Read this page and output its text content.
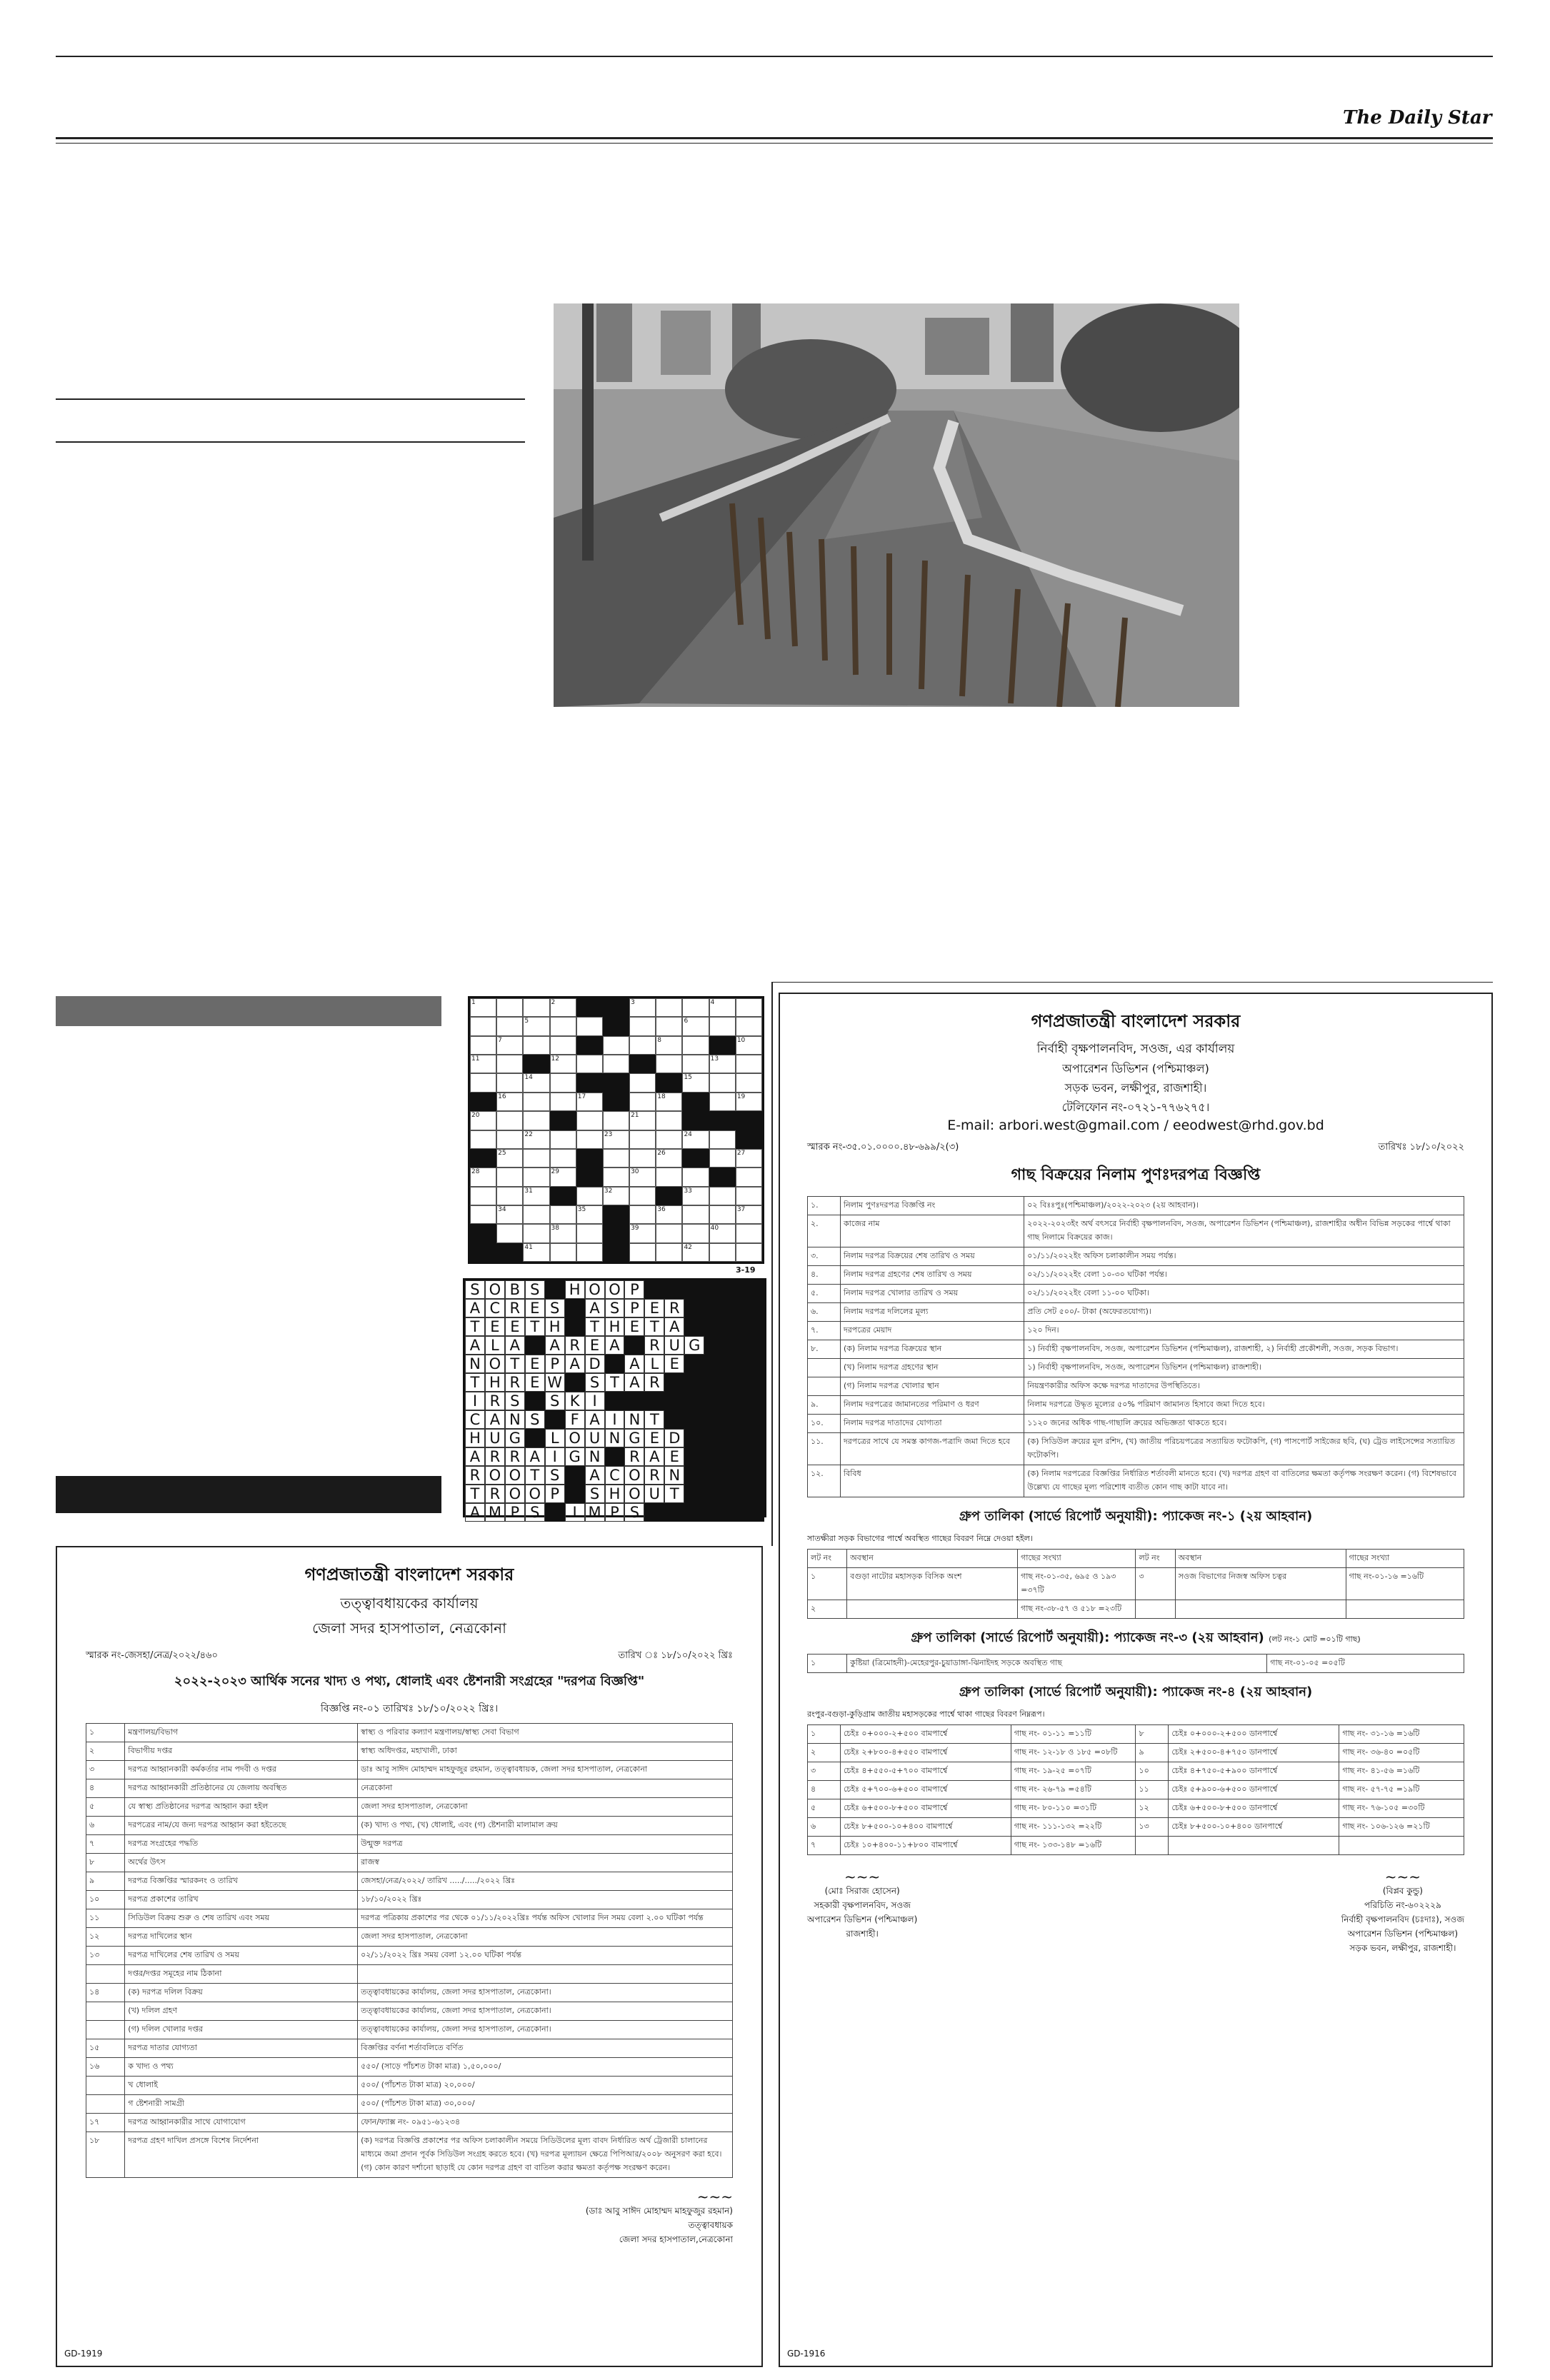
The Daily Star
1	2	3	4
5	6
7	8	10
11	12	13
14	15
16	17	18	19
20	21
22	23	24
25	26	27
28	29	30
31	32	33
34	35	36	37
38	39	40
41	42
3-19
S O B S	H O O P
A C R E S	A S P E R
T E E T H	T H E T A
A L A	A R E A	R U G
N O T E P A D	A L E
T H R E W	S T A R
I R S	S K I
C A N S	F A I N T
H U G	L O U N G E D
A R R A I G N	R A E
R O O T S	A C O R N
T R O O P	S H O U T
A M P S	I M P S
গণপ্রজাতন্ত্রী বাংলাদেশ সরকার
তত্ত্বাবধায়কের কার্যালয়
জেলা সদর হাসপাতাল, নেত্রকোনা
স্মারক নং-জেসহা/নেত্র/২০২২/৪৬০	তারিখ ঃ ১৮/১০/২০২২ খ্রিঃ
২০২২-২০২৩ আর্থিক সনের খাদ্য ও পথ্য, ধোলাই এবং ষ্টেশনারী সংগ্রহের "দরপত্র বিজ্ঞপ্তি"
বিজ্ঞপ্তি নং-০১ তারিখঃ ১৮/১০/২০২২ খ্রিঃ।
১	মন্ত্রণালয়/বিভাগ	স্বাস্থ্য ও পরিবার কল্যাণ মন্ত্রণালয়/স্বাস্থ্য সেবা বিভাগ
২	বিভাগীয় দপ্তর	স্বাস্থ্য অধিদপ্তর, মহাখালী, ঢাকা
৩	দরপত্র আহ্বানকারী কর্মকর্তার নাম পদবী ও দপ্তর	ডাঃ আবু সাঈদ মোহাম্মদ মাহফুজুর রহমান, তত্ত্বাবধায়ক, জেলা সদর হাসপাতাল, নেত্রকোনা
৪	দরপত্র আহ্বানকারী প্রতিষ্ঠানের যে জেলায় অবস্থিত	নেত্রকোনা
৫	যে স্বাস্থ্য প্রতিষ্ঠানের দরপত্র আহ্বান করা হইল	জেলা সদর হাসপাতাল, নেত্রকোনা
৬	দরপত্রের নাম/যে জন্য দরপত্র আহ্বান করা হইতেছে	(ক) খাদ্য ও পথ্য, (খ) ধোলাই, এবং (গ) ষ্টেশনারী মালামাল ক্রয়
৭	দরপত্র সংগ্রহের পদ্ধতি	উন্মুক্ত দরপত্র
৮	অর্থের উৎস	রাজস্ব
৯	দরপত্র বিজ্ঞপ্তির স্মারকনং ও তারিখ	জেসহা/নেত্র/২০২২/ তারিখ ...../...../২০২২ খ্রিঃ
১০	দরপত্র প্রকাশের তারিখ	১৮/১০/২০২২ খ্রিঃ
১১	সিডিউল বিক্রয় শুরু ও শেষ তারিখ এবং সময়	দরপত্র পত্রিকায় প্রকাশের পর থেকে ০১/১১/২০২২খ্রিঃ পর্যন্ত অফিস খোলার দিন সময় বেলা ২.০০ ঘটিকা পর্যন্ত
১২	দরপত্র দাখিলের স্থান	জেলা সদর হাসপাতাল, নেত্রকোনা
১৩	দরপত্র দাখিলের শেষ তারিখ ও সময়	০২/১১/২০২২ খ্রিঃ সময় বেলা ১২.০০ ঘটিকা পর্যন্ত
	দপ্তর/দপ্তর সমূহের নাম ঠিকানা	
১৪	(ক) দরপত্র দলিল বিক্রয়	তত্ত্বাবধায়কের কার্যালয়, জেলা সদর হাসপাতাল, নেত্রকোনা।
	(খ) দলিল গ্রহণ	তত্ত্বাবধায়কের কার্যালয়, জেলা সদর হাসপাতাল, নেত্রকোনা।
	(গ) দলিল খোলার দপ্তর	তত্ত্বাবধায়কের কার্যালয়, জেলা সদর হাসপাতাল, নেত্রকোনা।
১৫	দরপত্র দাতার যোগ্যতা	বিজ্ঞপ্তির বর্ণনা শর্তাবলিতে বর্ণিত
১৬	ক খাদ্য ও পথ্য	৫৫০/ (সাড়ে পাঁচশত টাকা মাত্র) ১,৫০,০০০/
	খ ধোলাই	৫০০/ (পাঁচশত টাকা মাত্র) ২০,০০০/
	গ ষ্টেশনারী সামগ্রী	৫০০/ (পাঁচশত টাকা মাত্র) ৩০,০০০/
১৭	দরপত্র আহ্বানকারীর সাথে যোগাযোগ	ফোন/ফ্যাক্স নং- ০৯৫১-৬১২৩৪
১৮	দরপত্র গ্রহণ দাখিল প্রসঙ্গে বিশেষ নির্দেশনা	(ক) দরপত্র বিজ্ঞপ্তি প্রকাশের পর অফিস চলাকালীন সময়ে সিডিউলের মূল্য বাবদ নির্ধারিত অর্থ ট্রেজারী চালানের মাধ্যমে জমা প্রদান পূর্বক সিডিউল সংগ্রহ করতে হবে। (খ) দরপত্র মূল্যায়ন ক্ষেত্রে পিপিআর/২০০৮ অনুসরণ করা হবে। (গ) কোন কারণ দর্শানো ছাড়াই যে কোন দরপত্র গ্রহণ বা বাতিল করার ক্ষমতা কর্তৃপক্ষ সংরক্ষণ করেন।
~~~
(ডাঃ আবু সাঈদ মোহাম্মদ মাহফুজুর রহমান)
তত্ত্বাবধায়ক
জেলা সদর হাসপাতাল,নেত্রকোনা
GD-1919
গণপ্রজাতন্ত্রী বাংলাদেশ সরকার
নির্বাহী বৃক্ষপালনবিদ, সওজ, এর কার্যালয়
অপারেশন ডিভিশন (পশ্চিমাঞ্চল)
সড়ক ভবন, লক্ষীপুর, রাজশাহী।
টেলিফোন নং-০৭২১-৭৭৬২৭৫।
E-mail: arbori.west@gmail.com / eeodwest@rhd.gov.bd
স্মারক নং-৩৫.০১.০০০০.৪৮-৬৯৯/২(৩)	তারিখঃ ১৮/১০/২০২২
গাছ বিক্রয়ের নিলাম পুণঃদরপত্র বিজ্ঞপ্তি
১.	নিলাম পুণঃদরপত্র বিজ্ঞপ্তি নং	০২ বিঃঃপুঃ(পশ্চিমাঞ্চল)/২০২২-২০২৩ (২য় আহবান)।
২.	কাজের নাম	২০২২-২০২৩ইং অর্থ বৎসরে নির্বাহী বৃক্ষপালনবিদ, সওজ, অপারেশন ডিভিশন (পশ্চিমাঞ্চল), রাজশাহীর অধীন বিভিন্ন সড়কের পার্শ্বে থাকা গাছ নিলামে বিক্রয়ের কাজ।
৩.	নিলাম দরপত্র বিক্রয়ের শেষ তারিখ ও সময়	০১/১১/২০২২ইং অফিস চলাকালীন সময় পর্যন্ত।
৪.	নিলাম দরপত্র গ্রহণের শেষ তারিখ ও সময়	০২/১১/২০২২ইং বেলা ১০-৩০ ঘটিকা পর্যন্ত।
৫.	নিলাম দরপত্র খোলার তারিখ ও সময়	০২/১১/২০২২ইং বেলা ১১-০০ ঘটিকা।
৬.	নিলাম দরপত্র দলিলের মূল্য	প্রতি সেট ৫০০/- টাকা (অফেরতযোগ্য)।
৭.	দরপত্রের মেয়াদ	১২০ দিন।
৮.	(ক) নিলাম দরপত্র বিক্রয়ের স্থান	১) নির্বাহী বৃক্ষপালনবিদ, সওজ, অপারেশন ডিভিশন (পশ্চিমাঞ্চল), রাজশাহী, ২) নির্বাহী প্রকৌশলী, সওজ, সড়ক বিভাগ।
	(খ) নিলাম দরপত্র গ্রহণের স্থান	১) নির্বাহী বৃক্ষপালনবিদ, সওজ, অপারেশন ডিভিশন (পশ্চিমাঞ্চল) রাজশাহী।
	(গ) নিলাম দরপত্র খোলার স্থান	নিয়ন্ত্রণকারীর অফিস কক্ষে দরপত্র দাতাদের উপস্থিতিতে।
৯.	নিলাম দরপত্রের জামানতের পরিমাণ ও ধরণ	নিলাম দরপত্রে উদ্ধৃত মূল্যের ৫০% পরিমাণ জামানত হিসাবে জমা দিতে হবে।
১০.	নিলাম দরপত্র দাতাদের যোগ্যতা	১১২০ জনের অধিক গাছ-গাছালি ক্রয়ের অভিজ্ঞতা থাকতে হবে।
১১.	দরপত্রের সাথে যে সমস্ত কাগজ-পত্রাদি জমা দিতে হবে	(ক) সিডিউল ক্রয়ের মূল রশিদ, (খ) জাতীয় পরিচয়পত্রের সত্যায়িত ফটোকপি, (গ) পাসপোর্ট সাইজের ছবি, (ঘ) ট্রেড লাইসেন্সের সত্যায়িত ফটোকপি।
১২.	বিবিধ	(ক) নিলাম দরপত্রের বিজ্ঞপ্তির নির্ধারিত শর্তাবলী মানতে হবে। (খ) দরপত্র গ্রহণ বা বাতিলের ক্ষমতা কর্তৃপক্ষ সংরক্ষণ করেন। (গ) বিশেষভাবে উল্লেখ্য যে গাছের মূল্য পরিশোধ ব্যতীত কোন গাছ কাটা যাবে না।
গ্রুপ তালিকা (সার্ভে রিপোর্ট অনুযায়ী): প্যাকেজ নং-১ (২য় আহবান)
সাতক্ষীরা সড়ক বিভাগের পার্শ্বে অবস্থিত গাছের বিবরণ নিম্নে দেওয়া হইল।
লট নং	অবস্থান	গাছের সংখ্যা	লট নং	অবস্থান	গাছের সংখ্যা
১	বগুড়া নাটোর মহাসড়ক বিসিক অংশ	গাছ নং-০১-৩৫, ৬৯৫ ও ১৯৩ =৩৭টি	৩	সওজ বিভাগের নিজস্ব অফিস চত্বর	গাছ নং-০১-১৬ =১৬টি
২		গাছ নং-৩৮-৫৭ ও ৫১৮ =২৩টি			
গ্রুপ তালিকা (সার্ভে রিপোর্ট অনুযায়ী): প্যাকেজ নং-৩ (২য় আহবান) (লট নং-১ মোট =০১টি গাছ)
১	কুষ্টিয়া (ত্রিমোহনী)-মেহেরপুর-চুয়াডাঙ্গা-ঝিনাইদহ সড়কে অবস্থিত গাছ	গাছ নং-০১-০৫ =০৫টি
গ্রুপ তালিকা (সার্ভে রিপোর্ট অনুযায়ী): প্যাকেজ নং-৪ (২য় আহবান)
রংপুর-বগুড়া-কুড়িগ্রাম জাতীয় মহাসড়কের পার্শ্বে থাকা গাছের বিবরণ নিম্নরূপ।
১	চেইঃ ০+০০০-২+৫০০ বামপার্শ্বে	গাছ নং- ০১-১১ =১১টি	৮	চেইঃ ০+০০০-২+৫০০ ডানপার্শ্বে	গাছ নং- ৩১-১৬ =১৬টি
২	চেইঃ ২+৮০০-৪+৫৫০ বামপার্শ্বে	গাছ নং- ১২-১৮ ও ১৮৫ =০৮টি	৯	চেইঃ ২+৫০০-৪+৭৫০ ডানপার্শ্বে	গাছ নং- ৩৬-৪০ =০৫টি
৩	চেইঃ ৪+৫৫০-৫+৭০০ বামপার্শ্বে	গাছ নং- ১৯-২৫ =০৭টি	১০	চেইঃ ৪+৭৫০-৫+৯০০ ডানপার্শ্বে	গাছ নং- ৪১-৫৬ =১৬টি
৪	চেইঃ ৫+৭০০-৬+৫০০ বামপার্শ্বে	গাছ নং- ২৬-৭৯ =৫৪টি	১১	চেইঃ ৫+৯০০-৬+৫০০ ডানপার্শ্বে	গাছ নং- ৫৭-৭৫ =১৯টি
৫	চেইঃ ৬+৫০০-৮+৫০০ বামপার্শ্বে	গাছ নং- ৮০-১১০ =৩১টি	১২	চেইঃ ৬+৫০০-৮+৫০০ ডানপার্শ্বে	গাছ নং- ৭৬-১০৫ =৩০টি
৬	চেইঃ ৮+৫০০-১০+৪০০ বামপার্শ্বে	গাছ নং- ১১১-১৩২ =২২টি	১৩	চেইঃ ৮+৫০০-১০+৪০০ ডানপার্শ্বে	গাছ নং- ১০৬-১২৬ =২১টি
৭	চেইঃ ১০+৪০০-১১+৮০০ বামপার্শ্বে	গাছ নং- ১৩৩-১৪৮ =১৬টি			
~~~
(মোঃ সিরাজ হোসেন)
সহকারী বৃক্ষপালনবিদ, সওজ
অপারেশন ডিভিশন (পশ্চিমাঞ্চল)
রাজশাহী।
~~~
(বিপ্লব কুন্ডু)
পরিচিতি নং-৬০২২২৯
নির্বাহী বৃক্ষপালনবিদ (চঃদাঃ), সওজ
অপারেশন ডিভিশন (পশ্চিমাঞ্চল)
সড়ক ভবন, লক্ষীপুর, রাজশাহী।
GD-1916
